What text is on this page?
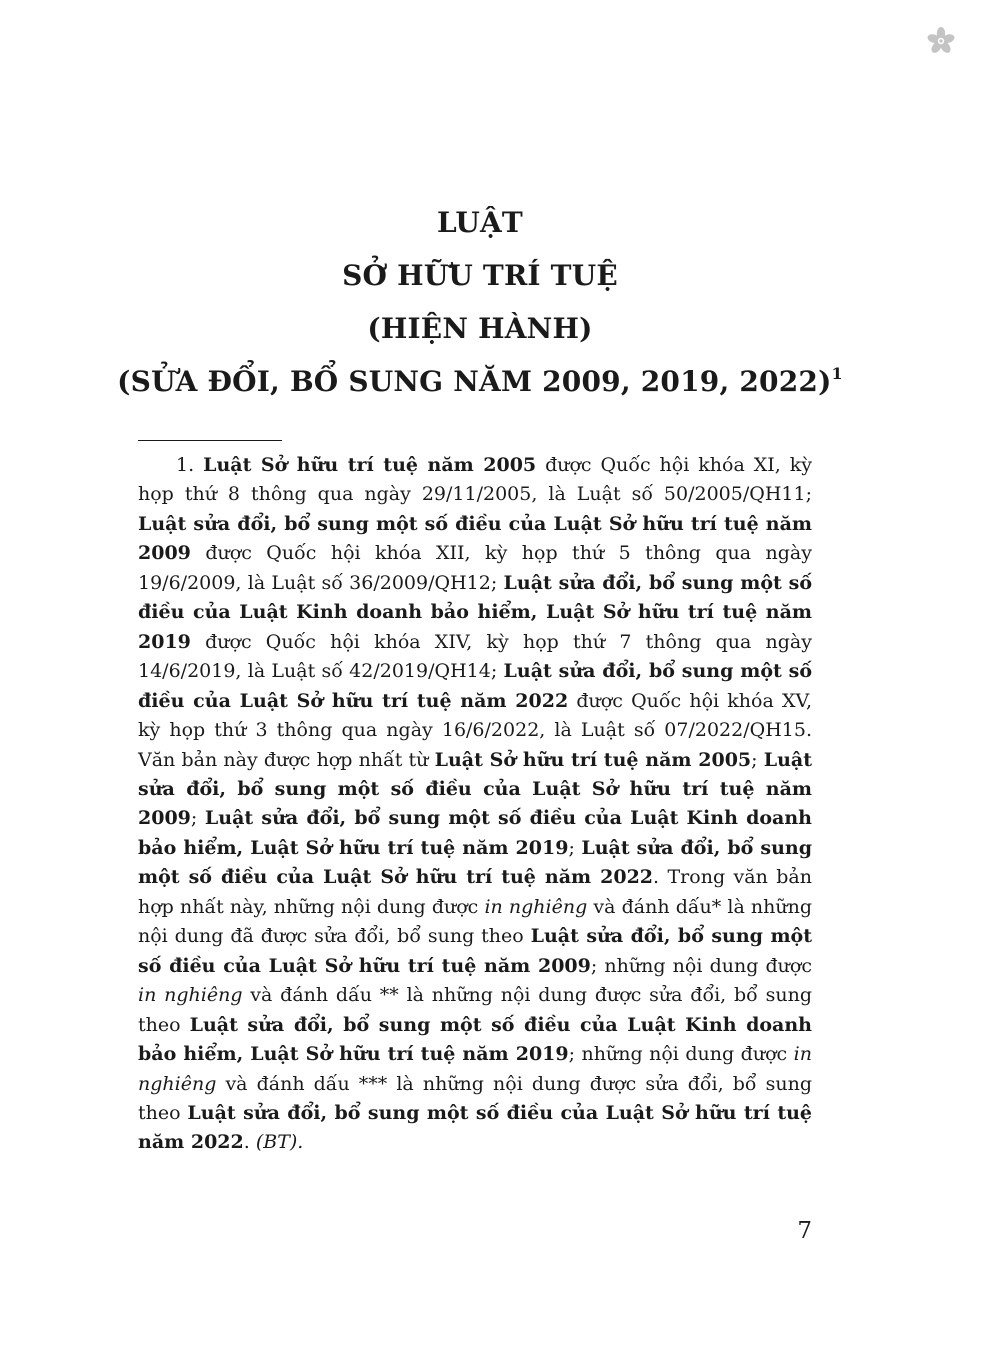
LUẬT
SỞ HỮU TRÍ TUỆ
(HIỆN HÀNH)
(SỬA ĐỔI, BỔ SUNG NĂM 2009, 2019, 2022)$^1$
1. Luật Sở hữu trí tuệ năm 2005 được Quốc hội khóa XI, kỳ họp thứ 8 thông qua ngày 29/11/2005, là Luật số 50/2005/QH11; Luật sửa đổi, bổ sung một số điều của Luật Sở hữu trí tuệ năm 2009 được Quốc hội khóa XII, kỳ họp thứ 5 thông qua ngày 19/6/2009, là Luật số 36/2009/QH12; Luật sửa đổi, bổ sung một số điều của Luật Kinh doanh bảo hiểm, Luật Sở hữu trí tuệ năm 2019 được Quốc hội khóa XIV, kỳ họp thứ 7 thông qua ngày 14/6/2019, là Luật số 42/2019/QH14; Luật sửa đổi, bổ sung một số điều của Luật Sở hữu trí tuệ năm 2022 được Quốc hội khóa XV, kỳ họp thứ 3 thông qua ngày 16/6/2022, là Luật số 07/2022/QH15. Văn bản này được hợp nhất từ Luật Sở hữu trí tuệ năm 2005; Luật sửa đổi, bổ sung một số điều của Luật Sở hữu trí tuệ năm 2009; Luật sửa đổi, bổ sung một số điều của Luật Kinh doanh bảo hiểm, Luật Sở hữu trí tuệ năm 2019; Luật sửa đổi, bổ sung một số điều của Luật Sở hữu trí tuệ năm 2022. Trong văn bản hợp nhất này, những nội dung được in nghiêng và đánh dấu* là những nội dung đã được sửa đổi, bổ sung theo Luật sửa đổi, bổ sung một số điều của Luật Sở hữu trí tuệ năm 2009; những nội dung được in nghiêng và đánh dấu ** là những nội dung được sửa đổi, bổ sung theo Luật sửa đổi, bổ sung một số điều của Luật Kinh doanh bảo hiểm, Luật Sở hữu trí tuệ năm 2019; những nội dung được in nghiêng và đánh dấu *** là những nội dung được sửa đổi, bổ sung theo Luật sửa đổi, bổ sung một số điều của Luật Sở hữu trí tuệ năm 2022. (BT).
7
